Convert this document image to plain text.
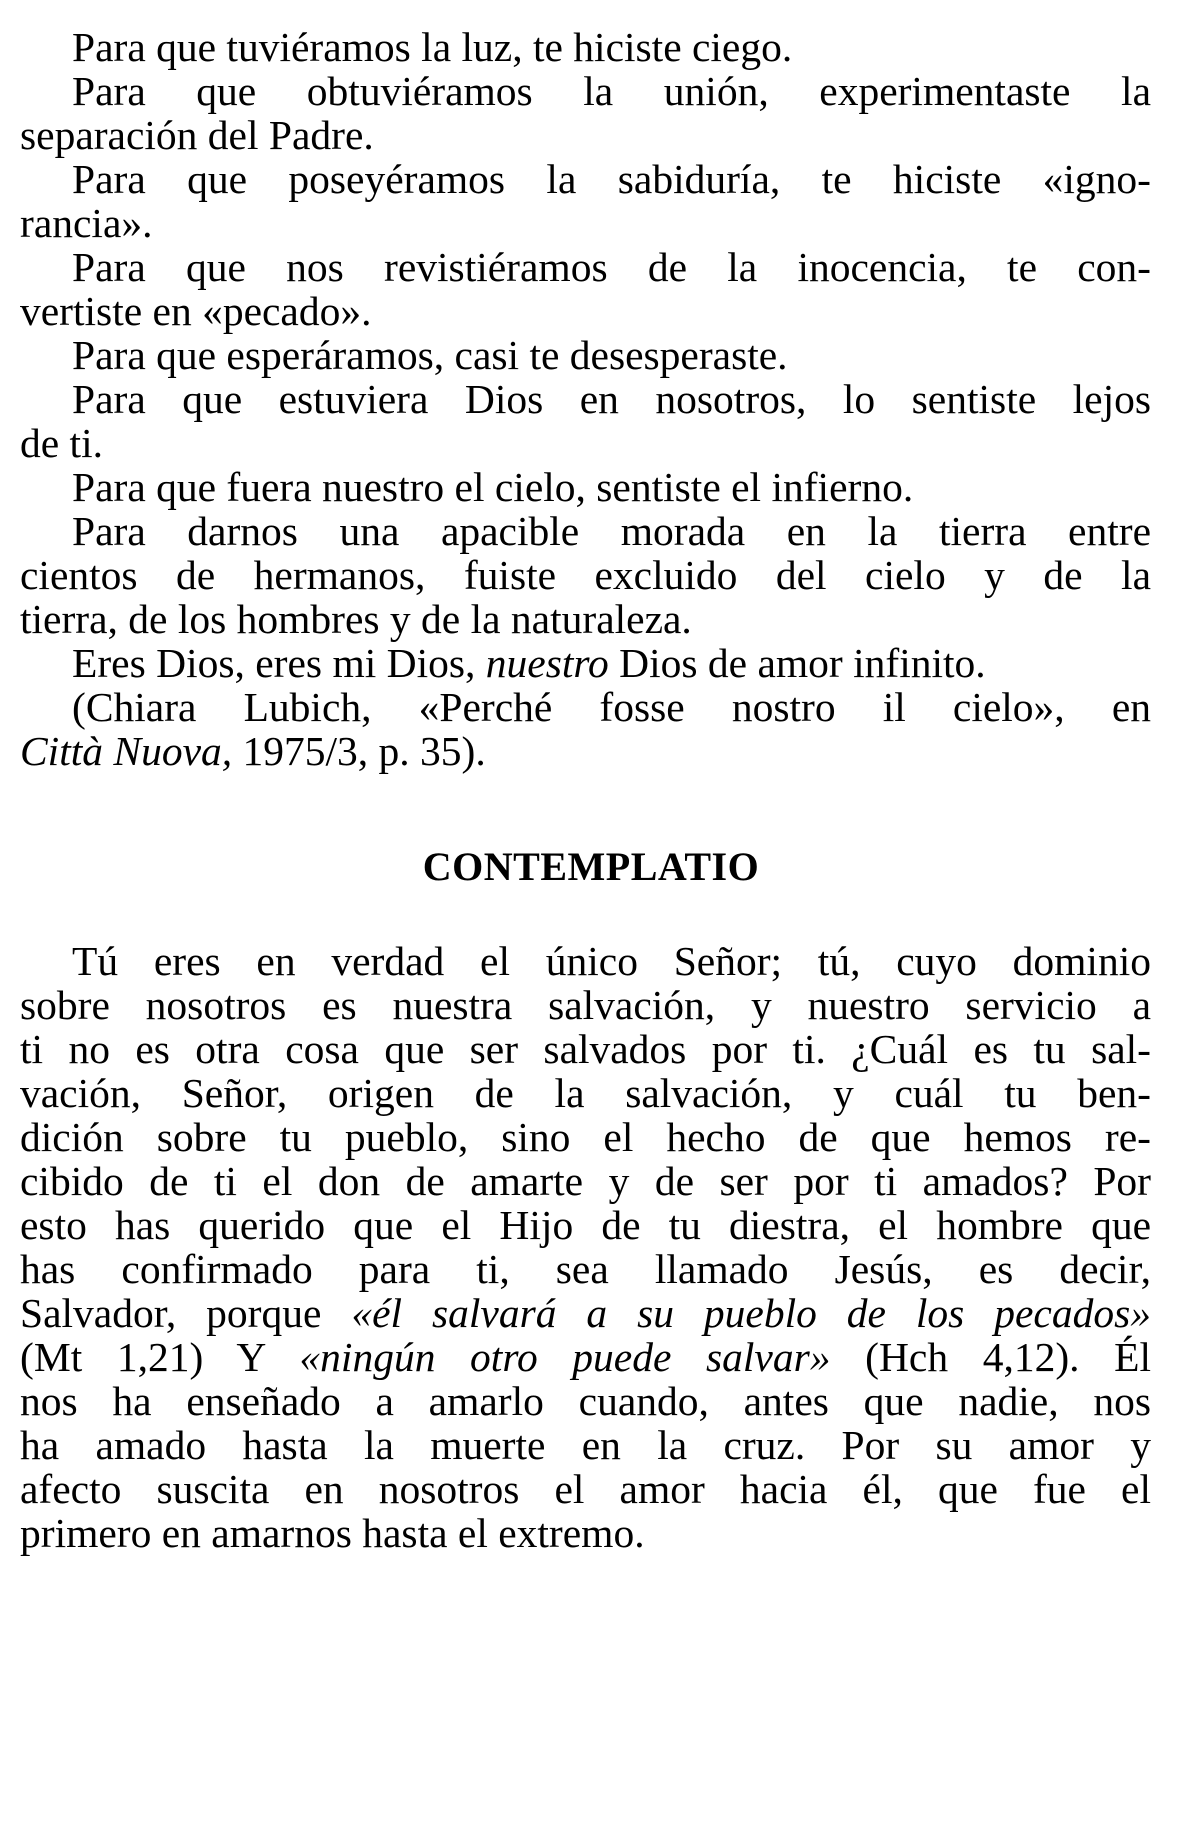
Para que tuviéramos la luz, te hiciste ciego.
Para que obtuviéramos la unión, experimentaste la
separación del Padre.
Para que poseyéramos la sabiduría, te hiciste «igno-
rancia».
Para que nos revistiéramos de la inocencia, te con-
vertiste en «pecado».
Para que esperáramos, casi te desesperaste.
Para que estuviera Dios en nosotros, lo sentiste lejos
de ti.
Para que fuera nuestro el cielo, sentiste el infierno.
Para darnos una apacible morada en la tierra entre
cientos de hermanos, fuiste excluido del cielo y de la
tierra, de los hombres y de la naturaleza.
Eres Dios, eres mi Dios, nuestro Dios de amor infinito.
(Chiara Lubich, «Perché fosse nostro il cielo», en
Città Nuova, 1975/3, p. 35).
CONTEMPLATIO
Tú eres en verdad el único Señor; tú, cuyo dominio
sobre nosotros es nuestra salvación, y nuestro servicio a
ti no es otra cosa que ser salvados por ti. ¿Cuál es tu sal-
vación, Señor, origen de la salvación, y cuál tu ben-
dición sobre tu pueblo, sino el hecho de que hemos re-
cibido de ti el don de amarte y de ser por ti amados? Por
esto has querido que el Hijo de tu diestra, el hombre que
has confirmado para ti, sea llamado Jesús, es decir,
Salvador, porque «él salvará a su pueblo de los pecados»
(Mt 1,21) Y «ningún otro puede salvar» (Hch 4,12). Él
nos ha enseñado a amarlo cuando, antes que nadie, nos
ha amado hasta la muerte en la cruz. Por su amor y
afecto suscita en nosotros el amor hacia él, que fue el
primero en amarnos hasta el extremo.
